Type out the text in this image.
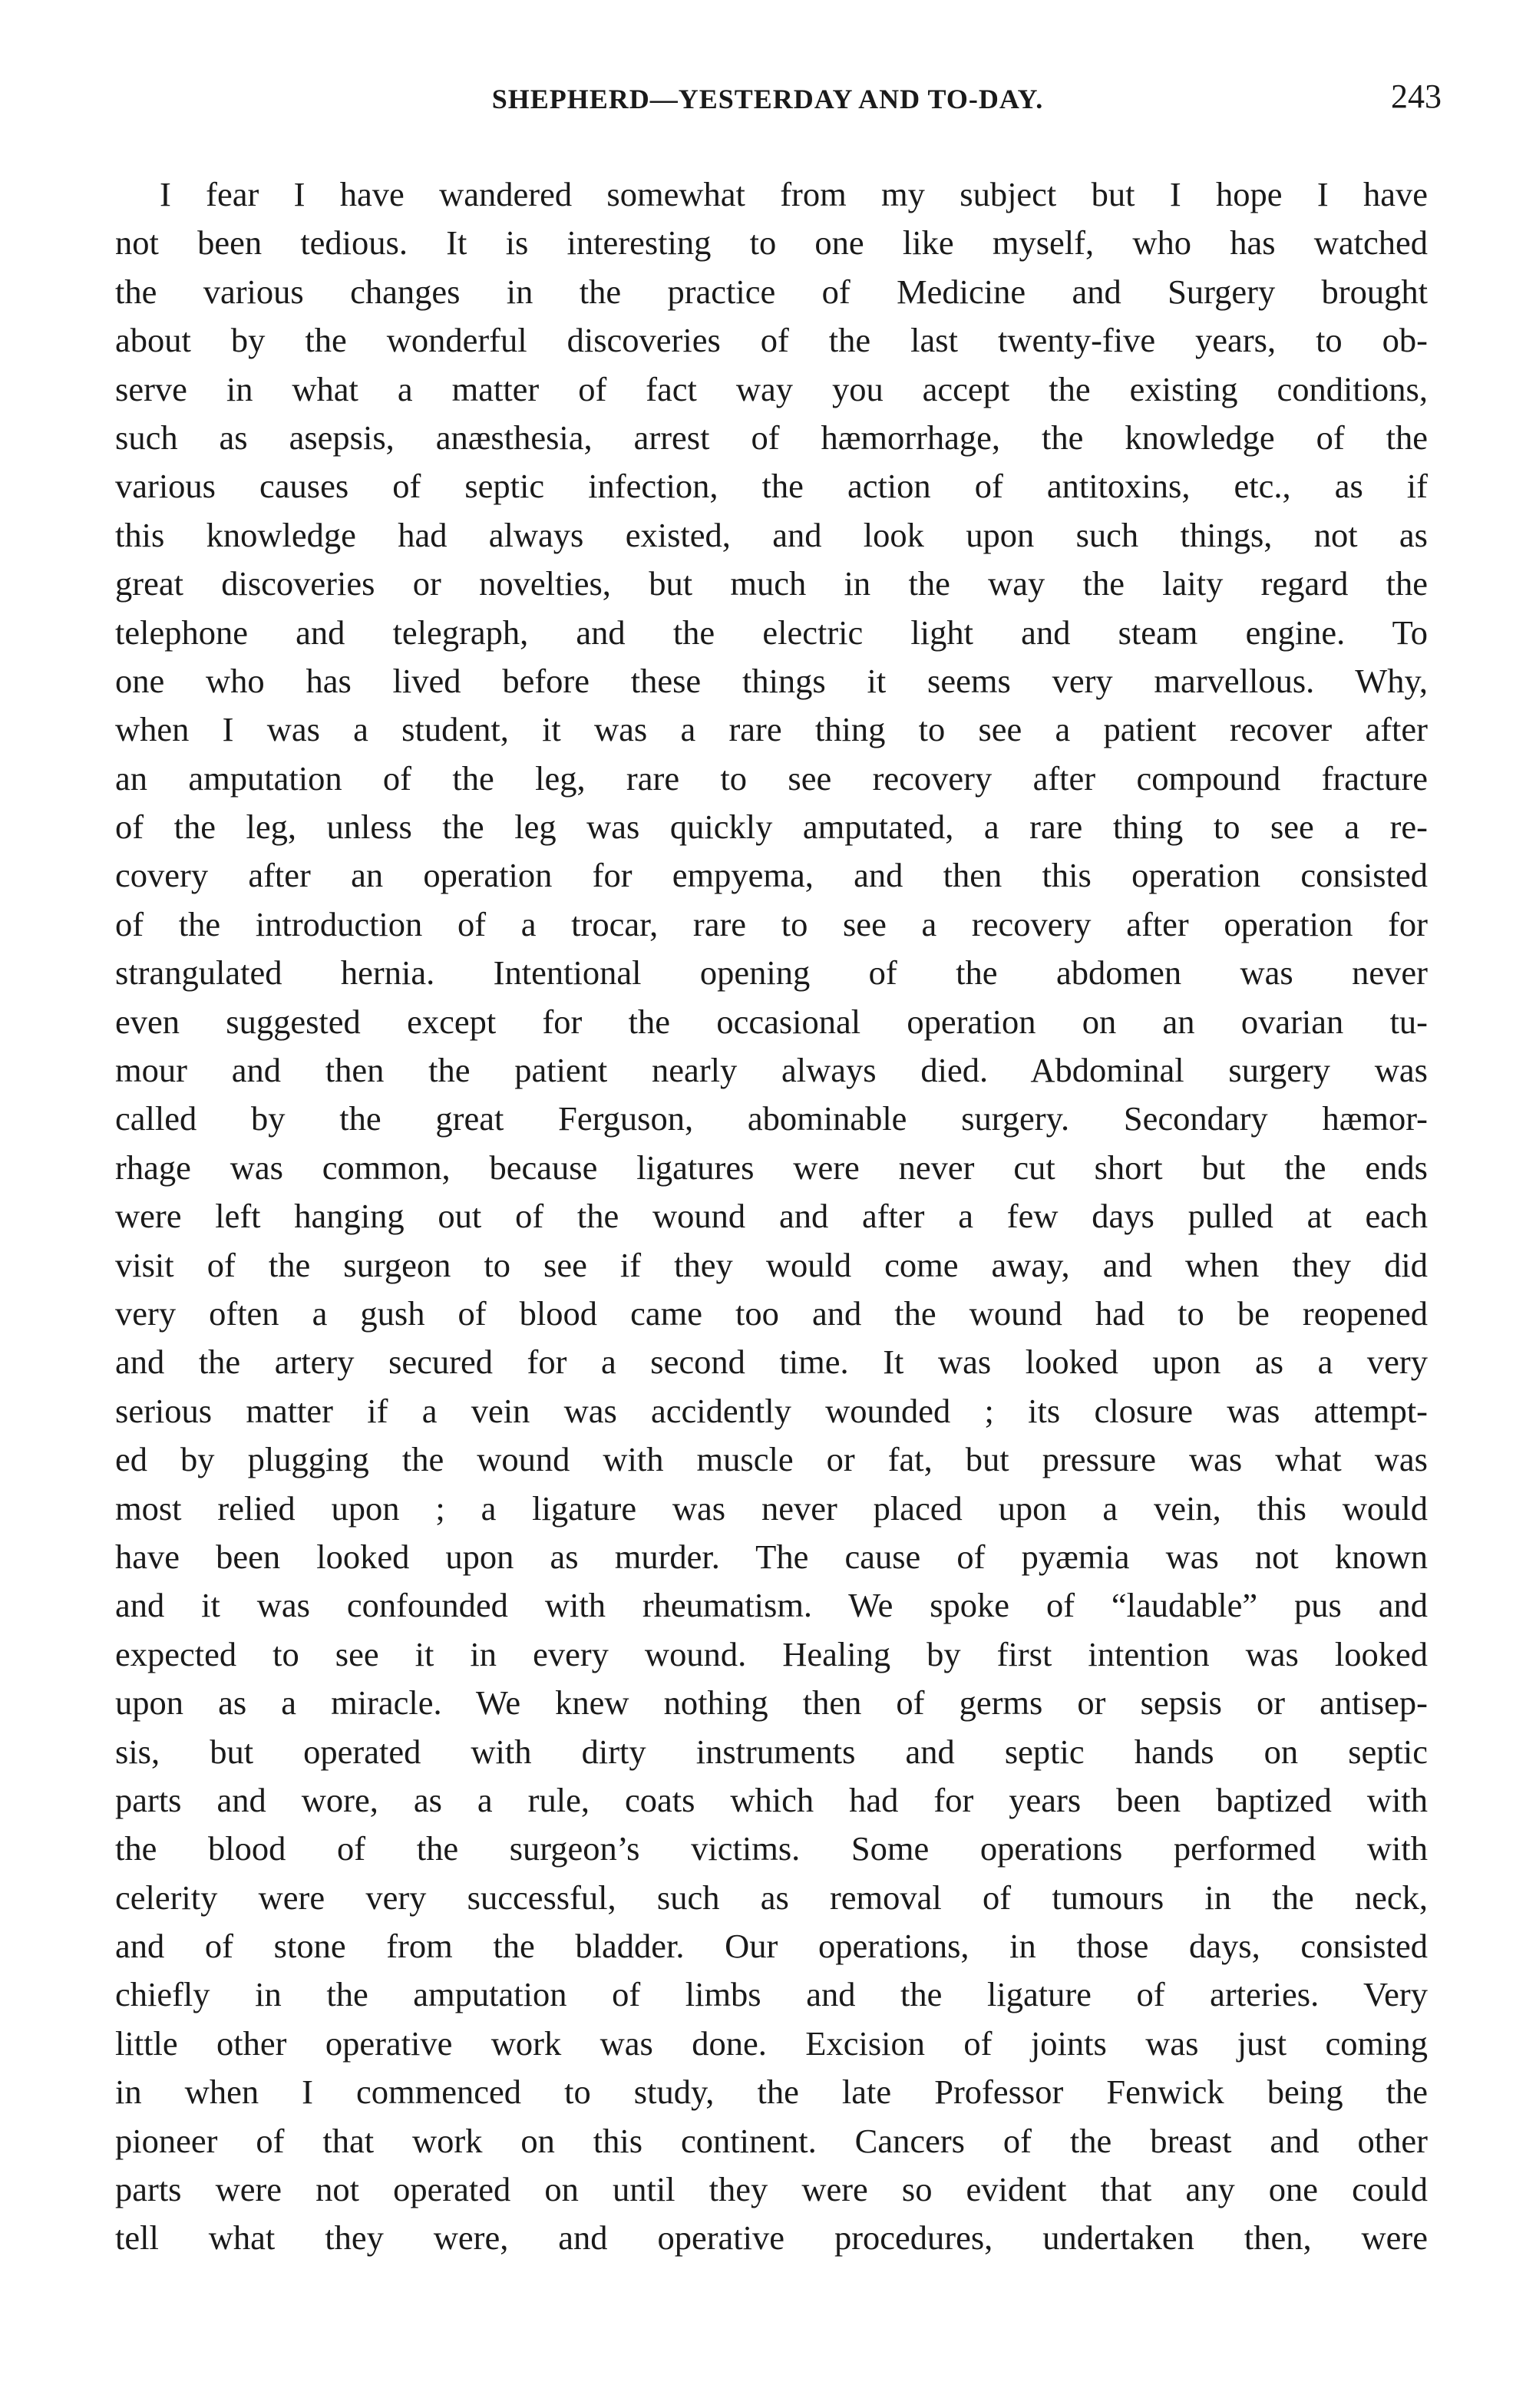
SHEPHERD—YESTERDAY AND TO-DAY.	243
I fear I have wandered somewhat from my subject but I hope I have
not been tedious. It is interesting to one like myself, who has watched
the various changes in the practice of Medicine and Surgery brought
about by the wonderful discoveries of the last twenty-five years, to ob-
serve in what a matter of fact way you accept the existing conditions,
such as asepsis, anæsthesia, arrest of hæmorrhage, the knowledge of the
various causes of septic infection, the action of antitoxins, etc., as if
this knowledge had always existed, and look upon such things, not as
great discoveries or novelties, but much in the way the laity regard the
telephone and telegraph, and the electric light and steam engine. To
one who has lived before these things it seems very marvellous. Why,
when I was a student, it was a rare thing to see a patient recover after
an amputation of the leg, rare to see recovery after compound fracture
of the leg, unless the leg was quickly amputated, a rare thing to see a re-
covery after an operation for empyema, and then this operation consisted
of the introduction of a trocar, rare to see a recovery after operation for
strangulated hernia. Intentional opening of the abdomen was never
even suggested except for the occasional operation on an ovarian tu-
mour and then the patient nearly always died. Abdominal surgery was
called by the great Ferguson, abominable surgery. Secondary hæmor-
rhage was common, because ligatures were never cut short but the ends
were left hanging out of the wound and after a few days pulled at each
visit of the surgeon to see if they would come away, and when they did
very often a gush of blood came too and the wound had to be reopened
and the artery secured for a second time. It was looked upon as a very
serious matter if a vein was accidently wounded ; its closure was attempt-
ed by plugging the wound with muscle or fat, but pressure was what was
most relied upon ; a ligature was never placed upon a vein, this would
have been looked upon as murder. The cause of pyæmia was not known
and it was confounded with rheumatism. We spoke of “laudable” pus and
expected to see it in every wound. Healing by first intention was looked
upon as a miracle. We knew nothing then of germs or sepsis or antisep-
sis, but operated with dirty instruments and septic hands on septic
parts and wore, as a rule, coats which had for years been baptized with
the blood of the surgeon’s victims. Some operations performed with
celerity were very successful, such as removal of tumours in the neck,
and of stone from the bladder. Our operations, in those days, consisted
chiefly in the amputation of limbs and the ligature of arteries. Very
little other operative work was done. Excision of joints was just coming
in when I commenced to study, the late Professor Fenwick being the
pioneer of that work on this continent. Cancers of the breast and other
parts were not operated on until they were so evident that any one could
tell what they were, and operative procedures, undertaken then, were
